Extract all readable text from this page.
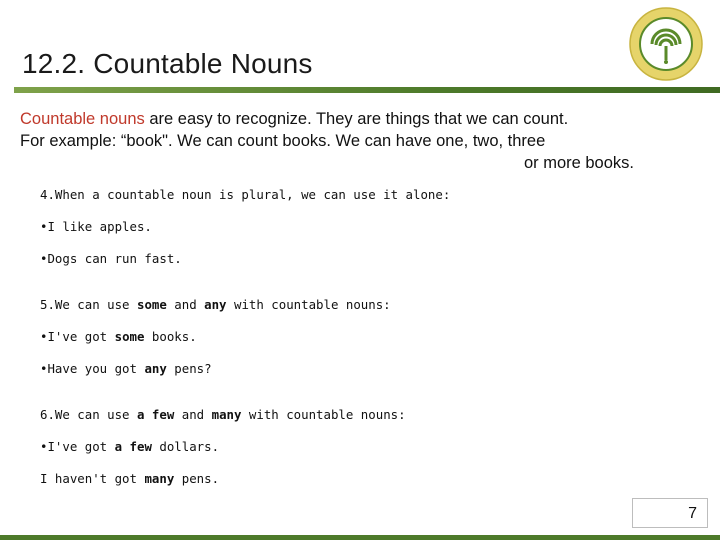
12.2. Countable Nouns

Countable nouns are easy to recognize. They are things that we can count.
For example: “book". We can count books. We can have one, two, three
or more books.

4.When a countable noun is plural, we can use it alone:

•I like apples.

•Dogs can run fast.

5.We can use some and any with countable nouns:

•I've got some books.

•Have you got any pens?

6.We can use a few and many with countable nouns:

•I've got a few dollars.

I haven't got many pens.

7
